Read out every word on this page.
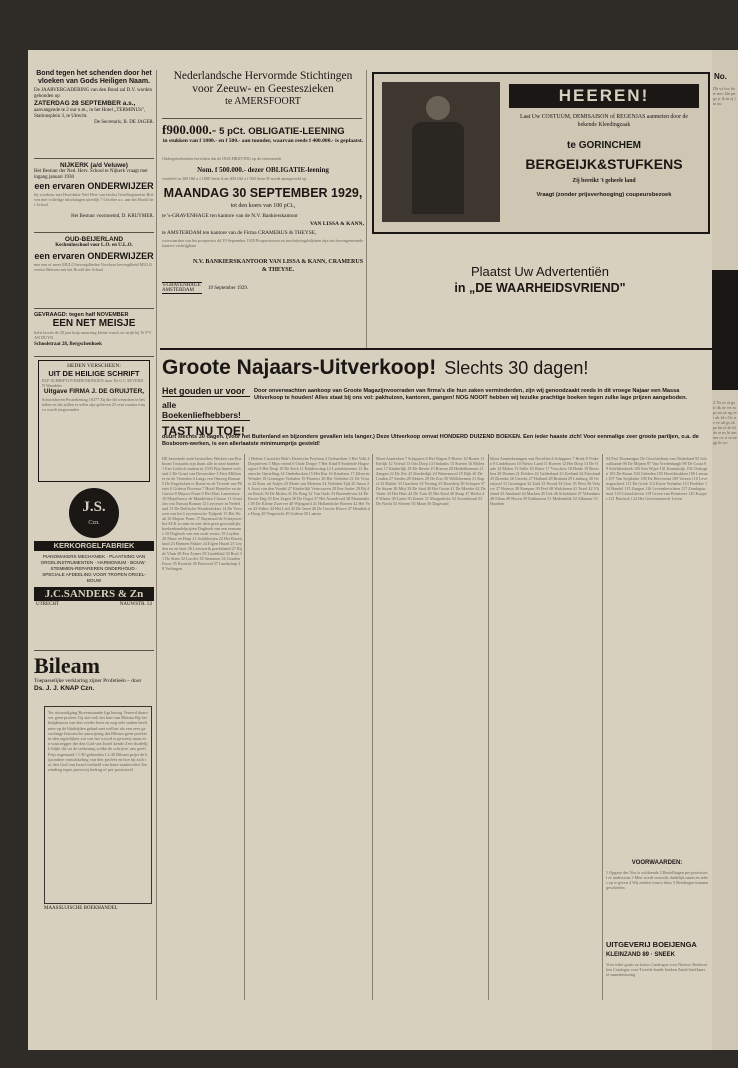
Bond tegen het schenden door het vloeken van Gods Heiligen Naam.

De JAARVERGADERING van den Bond zal D.V. worden gehouden op

ZATERDAG 28 SEPTEMBER a.s.,

aanvangende te 2 uur n.m., in het Hotel „TERMINUS", Stationsplein 3, te Utrecht.

De Secretaris, B. DE JAGER.

NIJKERK (a/d Veluwe)

Het Bestuur der Ned. Herv. School te Nijkerk vraagt met ingang januari 1930

een ervaren ONDERWIJZER

bij voorkeur met Hoofdakte Ned Herv van beslist Gerefbeginselen Brieven met volledige inlichtingen uiterlijk 7 October a.s. aan het Hoofd der School

Het Bestuur voornoemd, D. KRUYMER.

OUD-BEIJERLAND

Kechenluschool voor L.O. en U.L.O.

een ervaren ONDERWIJZER

met een of meer MULO bevoegdheden Voorkeur bevoegdheid MULO vereist Brieven aan het Hoofd der School

GEVRAAGD: tegen half NOVEMBER

EEN NET MEISJE

liefst boven de 20 jaar hulp aanwezig kleine wasch en strijk bij W P VAN DUYN

Schoolstraat 28, Bergschenhoek

HEDEN VERSCHEEN:

UIT DE HEILIGE SCHRIFT

ELF SCHRIFTOVERDENKINGEN door Ds G C SEVERIJN Wandeler

Uitgave FIRMA J. DE GRUIJTER,

Schoonhoven Postrekening 16377 Zij die dit wenschen te bestellen en dat zullen er velen zijn gelieven 25 cent waarna franco wordt toegezonden
J.S.
Czn.
KERKORGELFABRIEK

PIANOMAKERS MECHANIEK · PLAATSING VAN ORGELINSTRUMENTEN · HARMONIUM - BOUW · STEMMEN-REPAREREN ONDERHOUD · SPECIALE AFDEELING VOOR TROPEN ORGEL-BOUW

J.C.SANDERS & Zn
UTRECHT	NAUWSTR. 53

Bileam

Toepasselijke verklaring zijner Profetieën – door

Ds. J. J. KNAP Czn.

Ter uitnoodiging Bovenstaande ligt keurig Vereerd daarover geen profeet Gij ziet ook het hart van Bileam Bij het hulpbetoon van den verder leest en nog vele malen heeft men op de bladzijden gehad met wellust als een zeer gewichtige historische aanwijzing dat Bileam geen profeet in den eigenlijken zin van het woord is geweest maar een waarzegger die den God van Israel kende Zeer duidelijk blijkt dit uit de teekening welke de schrijver ons geeft Prijs ingenaaid f 1.90 gebonden f 2.40 Bileam prijst de bijzondere ontwikkeling van den profeet en hoe hij zich tot den God van Israel verhield van harte aanbevolen Toezending tegen portovrij bedrag of per postwissel

MAASSLUISCHE BOEKHANDEL

Nederlandsche Hervormde Stichtingen

voor Zeeuw- en Geesteszieken

te AMERSFOORT

f900.000.- 5 pCt. OBLIGATIE-LEENING

in stukken van f 1000.- en f 500.- aan toonder, waarvan reeds f 400.000.- is geplaatst.

Ondergeteekenden berichten dat de INSCHRIJVING op de resteerende

Nom. f 500.000.- dezer OBLIGATIE-leening

verdeeld in 300 Obl a f 1000 Serie A en 400 Obl a f 500 Serie B wordt opengesteld op

MAANDAG 30 SEPTEMBER 1929,

tot den koers van 100 pCt.,

te 's-GRAVENHAGE ten kantore van de N.V. Bankierskantoor

VAN LISSA & KANN,

te AMSTERDAM ten kantore van de Firma CRAMERUS & THEYSE,

voorwaarden van het prospectus dd 19 September 1929 Prospectussen en inschrijvingsbiljetten zijn ten bovengenoemde kantore verkrijgbaar

N.V. BANKIERSKANTOOR VAN LISSA & KANN, CRAMERUS & THEYSE.

's-GRAVENHAGE AMSTERDAM	19 September 1929.
HEEREN!

Laat Uw COSTUUM, DEMISAISON of REGENJAS aanmeten door de bekende Kleedingzaak

te GORINCHEM

BERGEIJK&STUFKENS

Zij bereikt 't geheele land

Vraagt (zonder prijsverhooging) coupeursbezoek

Plaatst Uw Advertentiën

in „DE WAARHEIDSVRIEND"

Groote Najaars-Uitverkoop! Slechts 30 dagen!

Het gouden ur voor

alle Boekenliefhebbers!

TAST NU TOE!

Door onverwachten aankoop van Groote Magazijnvoorraden van firma's die hun zaken verminderden, zijn wij genoodzaakt reeds in dit vroege Najaar een Massa Uitverkoop te houden! Alles staat bij ons vol: pakhuizen, kantoren, gangen! NOG NOOIT hebben wij tezulke prachtige boeken tegen zulke lage prijzen aangeboden.

duurt slechts 30 dagen. (Voor het Buitenland en bijzondere gevallen iets langer.) Deze Uitverkoop omvat HONDERD DUIZEND BOEKEN. Een ieder haaste zich! Voor eenmalige zeer groote partijen, o.a. de Bosboom-werken, is een allerlaatste minimumprijs gesteld!

DE beroemde oude bestsellers Werken van Bosboom Toussaint zijn thans alle in onze handen 1 Een Leidsch student in 1593 Fijn linnen verbond 2 De Graaf van Devonshire 3 Frits Millioner en de Vrienden 4 Langs een Omweg Roman 5 De Engelschen te Rome en de Tweede van Phenix 6 Gideon Florensz 7 Hotel Hartefier en de Gravin 8 Majoor Frans 9 Het Huis Lauernesse 10 Mejuffrouw de Mauditinen Clisson 11 Graaf Jan van Nassau Roman 12 Leycester in Nederland 13 De Delftsche Wonderdokter 14 De Vrouwen van het Leycestersche Tijdperk 15 Het Wrak 16 Majoor Frans 17 Raymond de Schrijnwerker ELK is ruim en met dien geen gewoonlijke boekenhandelprijzen Dagboek van een eenzame 18 Dagboek van een oude vrouw 19 Leyden 20 Muze en Harp 21 Schilderijen 22 Het Rozenkind 23 Harmen Pakker 24 Eigen Haard 25 Leyden nu en later 26 Leeuwerik prachtband 27 Bij de Vlam 28 Een Zomer 29 Lindeblad 30 Roel 31 De Stem 32 Lucifer 33 Stemmen 34 Gouden Eeuw 35 Kroniek 36 Eenvoud 37 Landschap 38 Verlangen
1 Helene Cristoffer Bob's Heroïsche Prichton 2 Gerhardsen 3 Het Volk 4 Dorpsleven 5 Mijn vriend 6 Oude Dorpje 7 Het Kind 8 Stralende Hogezogters 9 Het Dorp 10 De Kerk 11 Ridderschap 12 Lentebloesems 13 Roomsche Opstelling 14 Onderbroken 15 Het Ras 16 Kinderen 17 Zilveren Wonder 18 Gezongen Verhalen 19 Pioniers 20 Het Verleden 21 De Vrouw 22 Keur uit Aafjes 23 Marie van Meteren 24 Verleden Tijd 25 Amor 26 Joost van den Vondel 27 Kinderlijk Vertrouwen 28 Een Ander 29 Bij den Bosch 30 De Molen 31 De Brug 32 Van Ouds 33 Boerenleven 34 De Eerste Dag 35 Een Zegen 36 De Oogst 37 Het Avondrood 38 Maartenlief 39 De Kleine Zwerver 40 Wijngaard 41 Hollandsche Boeren 42 Het Veen 43 Stiltes 44 Het Lied 45 De Jaren 46 De Groote Hoeve 47 Hendrik de Hoog 48 Vergezicht 49 Gideon 50 Laatste
Mooi Aanteeken 7 Schippers 8 Het Wapen 9 Hoeve 10 Rozen 11 Eerlijk 12 Vriend 13 Ons Dorp 14 Ondanks 15 Stieren 16 Molenaars 17 Kinderlijk 18 De Haven 19 Boeren 20 Heidebloemen 21 Zangen 22 De Zee 23 Kinderdijk 24 Watersnood 25 Dijk 26 De Linden 27 Steden 28 Akkers 29 De Zon 30 Veldbloemen 31 Kapel 32 Ridder 33 Grachten 34 Vesting 35 Boerderij 36 Schepen 37 De Storm 38 Mist 39 De Stad 40 Het Gezin 41 De Moeder 42 De Vader 43 Het Huis 44 De Tuin 45 Het Kind 46 Slaap 47 Herfst 48 Winter 49 Lente 50 Zomer 51 Morgenlicht 52 Avondstond 53 De Nacht 54 Sterren 55 Maan 56 Dageraad
Mooi Aanteekeningen van Novellen 6 Schippers 7 Hoek 8 Vinken 9 Lindeboom 10 Nieuw Land 11 Boeren 12 Het Dorp 13 De Oude 14 Molen 15 Stille 16 Water 17 Visschers 18 Heide 19 Bosschen 20 Duinen 21 Polders 22 Gelderland 23 Zeeland 24 Friesland 25 Drenthe 26 Utrecht 27 Holland 28 Brabant 29 Limburg 30 Overijssel 31 Groningen 32 Zuid 33 Noord 34 Oost 35 West 36 Veluwe 37 Betuwe 38 Kempen 39 Peel 40 Walcheren 41 Texel 42 Vlieland 43 Ameland 44 Marken 45 Urk 46 Schokland 47 Volendam 48 Edam 49 Hoorn 50 Enkhuizen 51 Medemblik 52 Alkmaar 53 Haarlem
94 Prof Doumergue De Geschiedenis van Nederland 95 Schoolkunde 96 De Mijnen 97 Van Vredenburgh 98 De Costa 99 Schildersboek 100 Een Wijze 101 Koninkrijk 102 Oorlogen 103 De Kunst 104 Gebeden 105 Hoofdstukken 106 Leeraar 107 Van Seijsbeke 108 De Hervormd 109 Verzen 110 Levensgeschied 111 De Griek 112 Korte Verhalen 113 Prediker 114 Bundel 115 Zangen 116 Levensberichten 117 Zondagsschool 118 Geloofsleven 119 Groen van Prinsterer 120 Kuyper 121 Bavinck 122 Het Gereformeerde Leven

VOORWAARDEN:

1 Opgave der Nos is voldoende 2 Bestellingen per postwissel of anderszins 3 Men wordt verzocht duidelijk naam en adres op te geven 4 Wij zenden franco thuis 5 Betalingen kunnen geschieden

UITGEVERIJ BOEIJENGA

KLEINZAND 89 · SNEEK

Voor ieder gratis en franco Catalogus voor Nieuwe Boekwerken Catalogus voor Tweede-hands boeken Zendt briefkaart of naambesturing
No.
Dh vy bcr da rt mvc kht pn ge jr lk tn oj lm uu
Z Ni ve al go ir dk ne vrt m ps au oe ng eer ak fd s Ov ne ve ali gs ek pa hn ef ab kl de re ns hi am mn ov ri sa ne gp th we
